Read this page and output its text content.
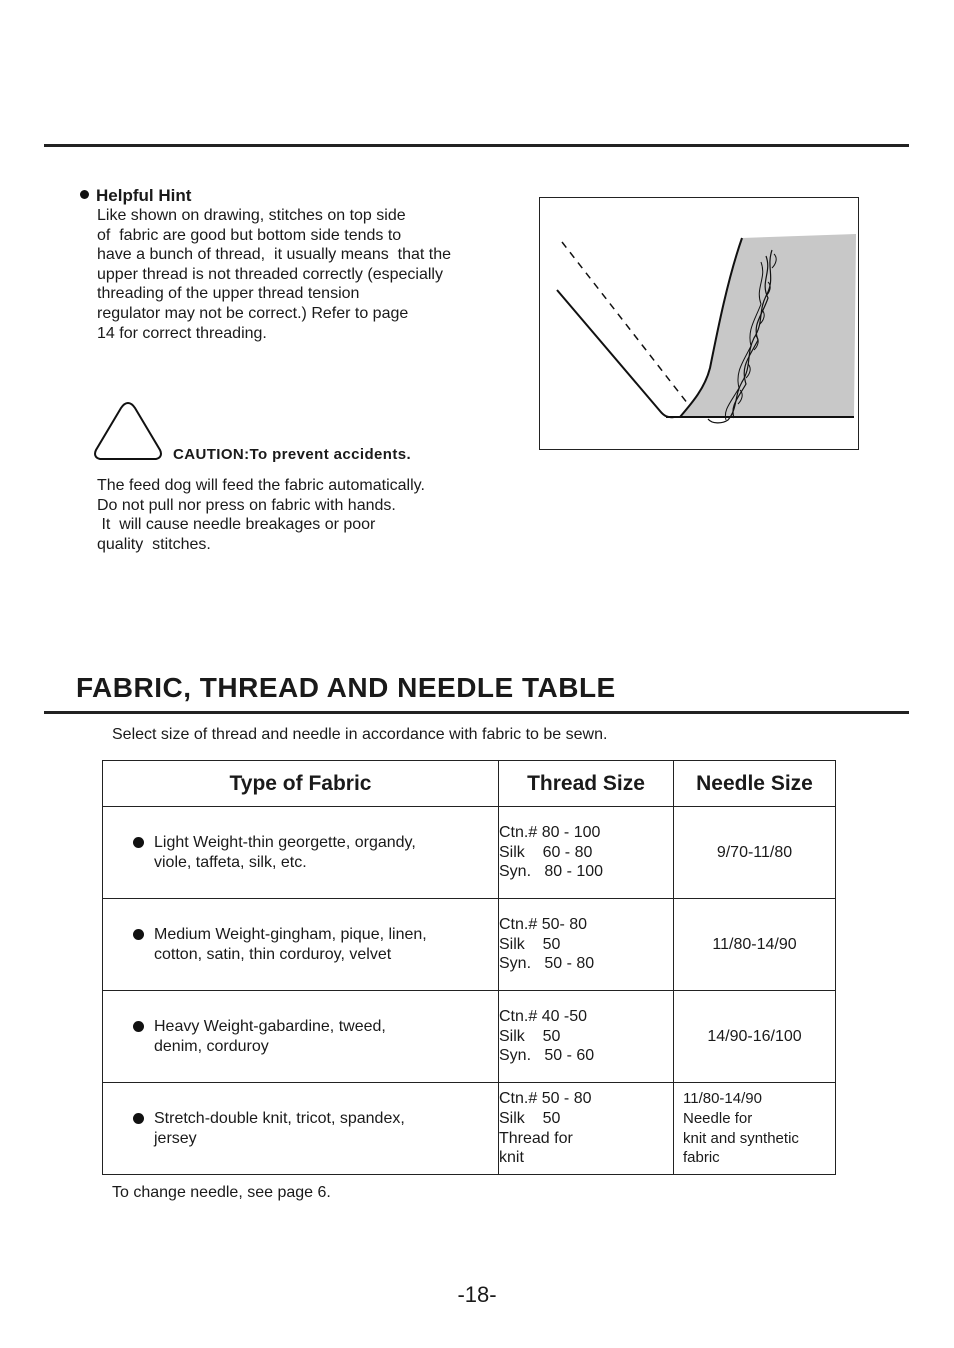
Helpful Hint
Like shown on drawing, stitches on top side
of  fabric are good but bottom side tends to
have a bunch of thread,  it usually means  that the
upper thread is not threaded correctly (especially
threading of the upper thread tension
regulator may not be correct.) Refer to page
14 for correct threading.
CAUTION:To prevent accidents.
The feed dog will feed the fabric automatically.
Do not pull nor press on fabric with hands.
It  will cause needle breakages or poor
quality  stitches.
FABRIC, THREAD AND NEEDLE TABLE
Select size of thread and needle in accordance with fabric to be sewn.
Type of Fabric	Thread Size	Needle Size

Light Weight-thin georgette, organdy,
viole, taffeta, silk, etc.	Ctn.# 80 - 100
Silk    60 - 80
Syn.   80 - 100	9/70-11/80

Medium Weight-gingham, pique, linen,
cotton, satin, thin corduroy, velvet	Ctn.# 50- 80
Silk    50
Syn.   50 - 80	11/80-14/90

Heavy Weight-gabardine, tweed,
denim, corduroy	Ctn.# 40 -50
Silk    50
Syn.   50 - 60	14/90-16/100

Stretch-double knit, tricot, spandex,
jersey	Ctn.# 50 - 80
Silk    50
Thread for
knit	11/80-14/90
Needle for
knit and synthetic
fabric
To change needle, see page 6.
-18-
